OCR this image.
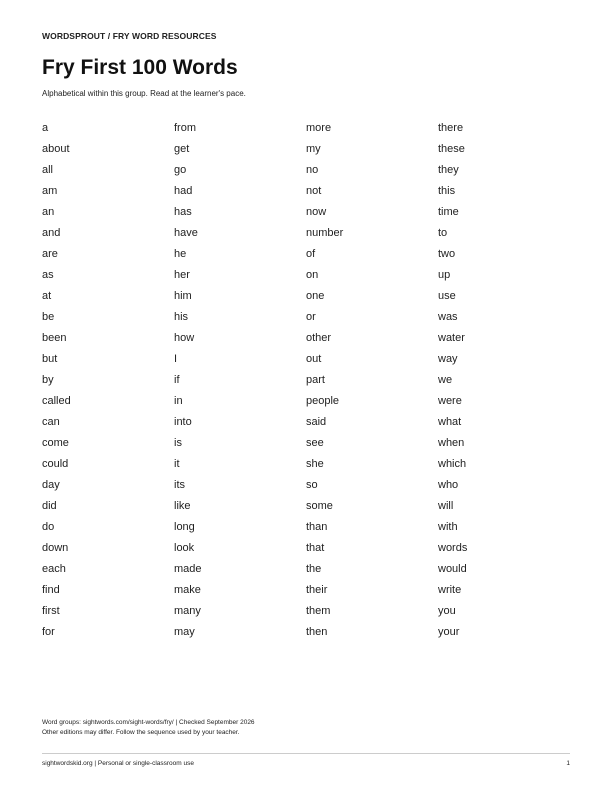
WORDSPROUT / FRY WORD RESOURCES
Fry First 100 Words
Alphabetical within this group. Read at the learner's pace.
a
about
all
am
an
and
are
as
at
be
been
but
by
called
can
come
could
day
did
do
down
each
find
first
for
from
get
go
had
has
have
he
her
him
his
how
I
if
in
into
is
it
its
like
long
look
made
make
many
may
more
my
no
not
now
number
of
on
one
or
other
out
part
people
said
see
she
so
some
than
that
the
their
them
then
there
these
they
this
time
to
two
up
use
was
water
way
we
were
what
when
which
who
will
with
words
would
write
you
your
Word groups: sightwords.com/sight-words/fry/ | Checked September 2026
Other editions may differ. Follow the sequence used by your teacher.
sightwordskid.org | Personal or single-classroom use	1
